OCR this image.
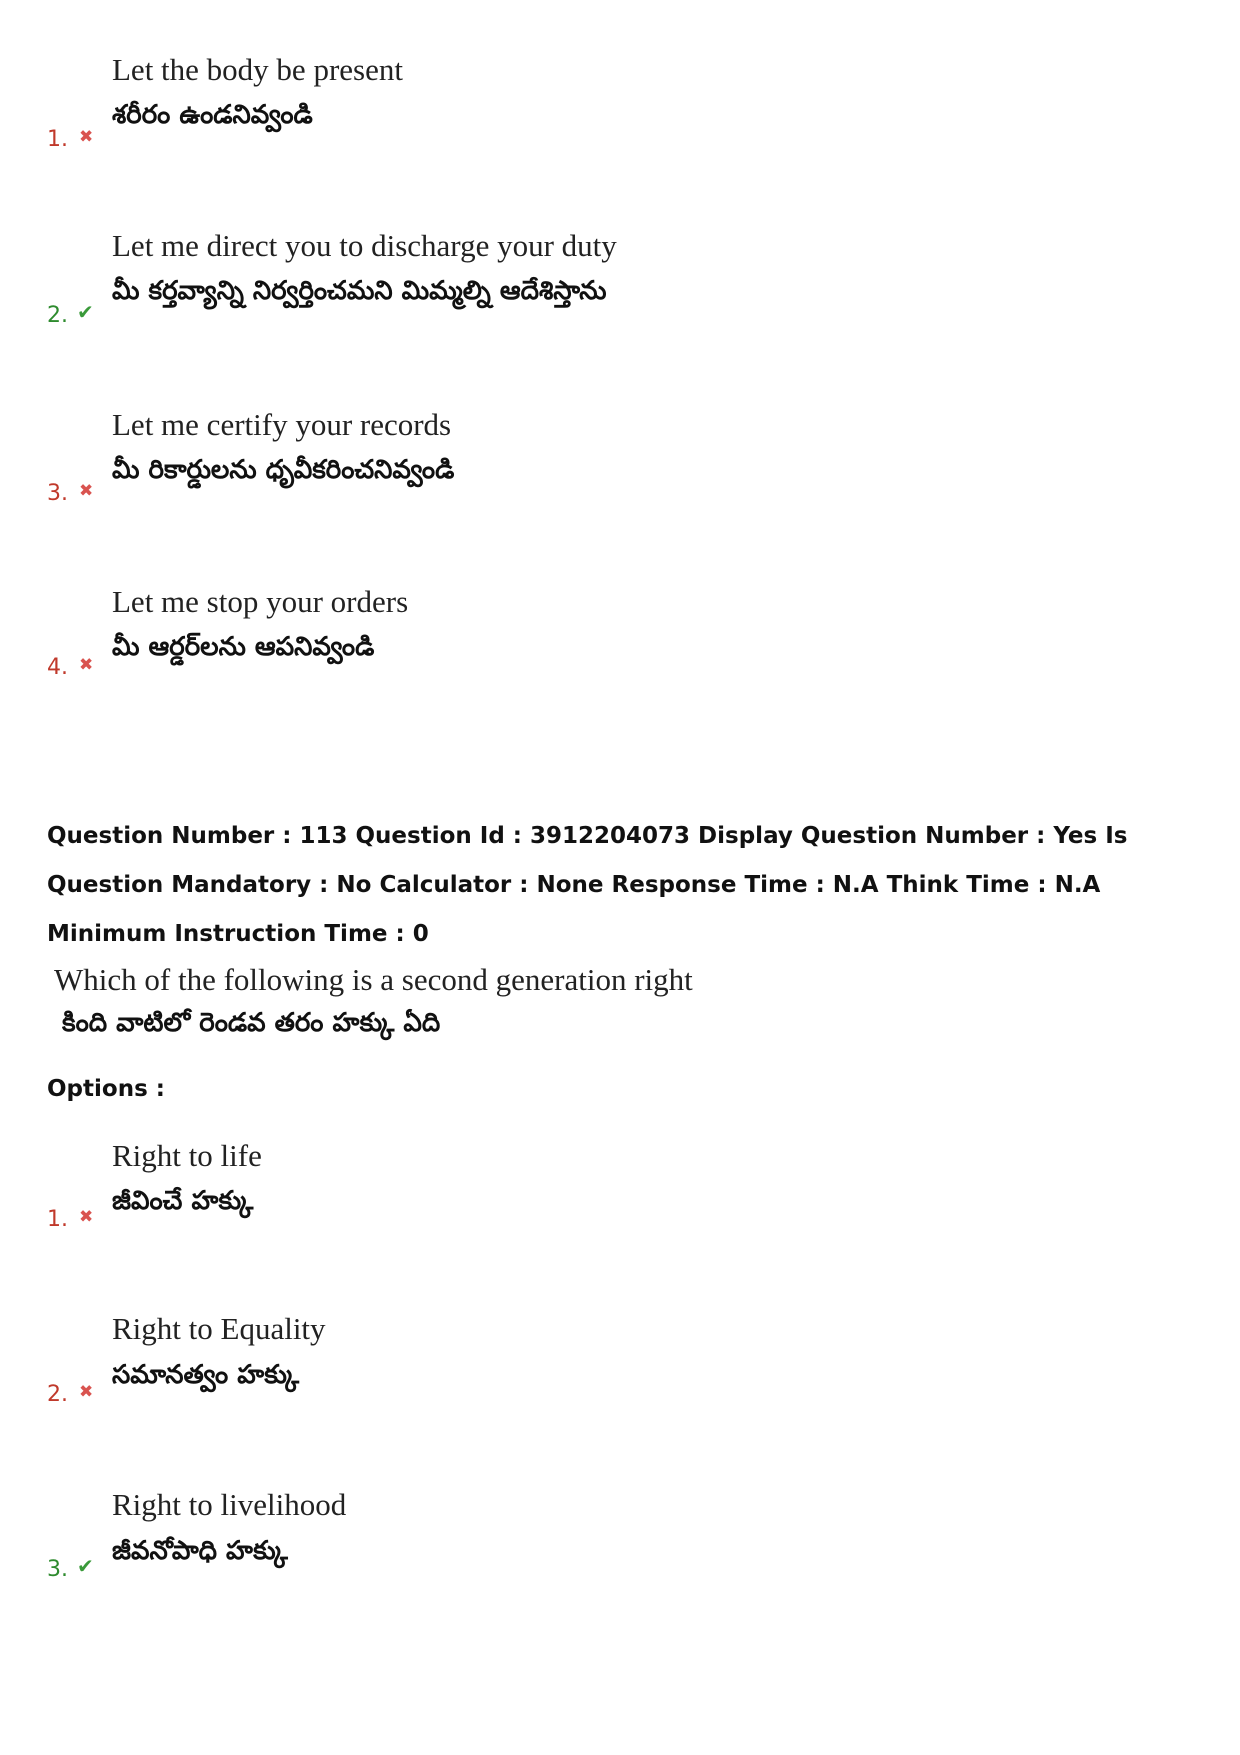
Let the body be present
శరీరం ఉండనివ్వండి
1. ✖
Let me direct you to discharge your duty
మీ కర్తవ్యాన్ని నిర్వర్తించమని మిమ్మల్ని ఆదేశిస్తాను
2. ✔
Let me certify your records
మీ రికార్డులను ధృవీకరించనివ్వండి
3. ✖
Let me stop your orders
మీ ఆర్డర్‌లను ఆపనివ్వండి
4. ✖
Question Number : 113 Question Id : 3912204073 Display Question Number : Yes Is Question Mandatory : No Calculator : None Response Time : N.A Think Time : N.A Minimum Instruction Time : 0
Which of the following is a second generation right
కింది వాటిలో రెండవ తరం హక్కు ఏది
Options :
Right to life
జీవించే హక్కు
1. ✖
Right to Equality
సమానత్వం హక్కు
2. ✖
Right to livelihood
జీవనోపాధి హక్కు
3. ✔
